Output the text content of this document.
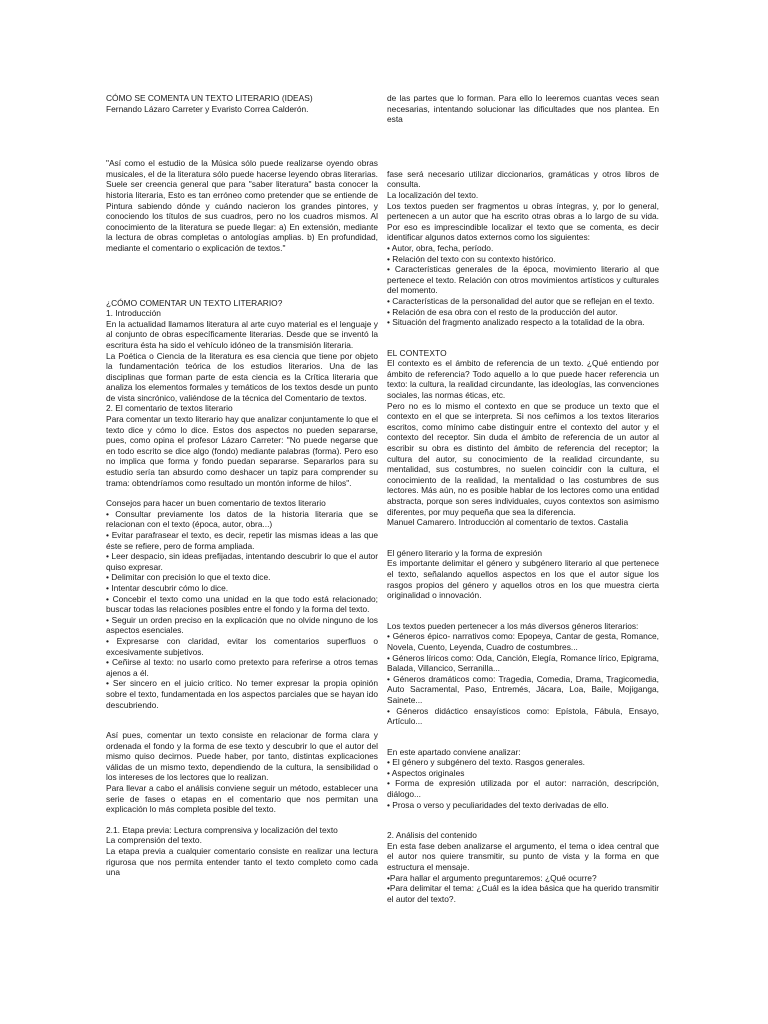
CÓMO SE COMENTA UN TEXTO LITERARIO (IDEAS)

Fernando Lázaro Carreter y Evaristo Correa Calderón.

"Así como el estudio de la Música sólo puede realizarse oyendo obras musicales, el de la literatura sólo puede hacerse leyendo obras literarias. Suele ser creencia general que para "saber literatura" basta conocer la historia literaria, Esto es tan erróneo como pretender que se entiende de Pintura sabiendo dónde y cuándo nacieron los grandes pintores, y conociendo los títulos de sus cuadros, pero no los cuadros mismos. Al conocimiento de la literatura se puede llegar: a) En extensión, mediante la lectura de obras completas o antologías amplias. b) En profundidad, mediante el comentario o explicación de textos."

¿CÓMO COMENTAR UN TEXTO LITERARIO?

1. Introducción

En la actualidad llamamos literatura al arte cuyo material es el lenguaje y al conjunto de obras específicamente literarias. Desde que se inventó la escritura ésta ha sido el vehículo idóneo de la transmisión literaria.

La Poética o Ciencia de la literatura es esa ciencia que tiene por objeto la fundamentación teórica de los estudios literarios. Una de las disciplinas que forman parte de esta ciencia es la Crítica literaria que analiza los elementos formales y temáticos de los textos desde un punto de vista sincrónico, valiéndose de la técnica del Comentario de textos.

2. El comentario de textos literario

Para comentar un texto literario hay que analizar conjuntamente lo que el texto dice y cómo lo dice. Estos dos aspectos no pueden separarse, pues, como opina el profesor Lázaro Carreter: "No puede negarse que en todo escrito se dice algo (fondo) mediante palabras (forma). Pero eso no implica que forma y fondo puedan separarse. Separarlos para su estudio sería tan absurdo como deshacer un tapiz para comprender su trama: obtendríamos como resultado un montón informe de hilos".

Consejos para hacer un buen comentario de textos literario

• Consultar previamente los datos de la historia literaria que se relacionan con el texto (época, autor, obra...)

• Evitar parafrasear el texto, es decir, repetir las mismas ideas a las que éste se refiere, pero de forma ampliada.

• Leer despacio, sin ideas prefijadas, intentando descubrir lo que el autor quiso expresar.

• Delimitar con precisión lo que el texto dice.

• Intentar descubrir cómo lo dice.

• Concebir el texto como una unidad en la que todo está relacionado; buscar todas las relaciones posibles entre el fondo y la forma del texto.

• Seguir un orden preciso en la explicación que no olvide ninguno de los aspectos esenciales.

• Expresarse con claridad, evitar los comentarios superfluos o excesivamente subjetivos.

• Ceñirse al texto: no usarlo como pretexto para referirse a otros temas ajenos a él.

• Ser sincero en el juicio crítico. No temer expresar la propia opinión sobre el texto, fundamentada en los aspectos parciales que se hayan ido descubriendo.

Así pues, comentar un texto consiste en relacionar de forma clara y ordenada el fondo y la forma de ese texto y descubrir lo que el autor del mismo quiso decirnos. Puede haber, por tanto, distintas explicaciones válidas de un mismo texto, dependiendo de la cultura, la sensibilidad o los intereses de los lectores que lo realizan.

Para llevar a cabo el análisis conviene seguir un método, establecer una serie de fases o etapas en el comentario que nos permitan una explicación lo más completa posible del texto.

2.1. Etapa previa: Lectura comprensiva y localización del texto

La comprensión del texto.

La etapa previa a cualquier comentario consiste en realizar una lectura rigurosa que nos permita entender tanto el texto completo como cada una

de las partes que lo forman. Para ello lo leeremos cuantas veces sean necesarias, intentando solucionar las dificultades que nos plantea. En esta

fase será necesario utilizar diccionarios, gramáticas y otros libros de consulta.

La localización del texto.

Los textos pueden ser fragmentos u obras íntegras, y, por lo general, pertenecen a un autor que ha escrito otras obras a lo largo de su vida. Por eso es imprescindible localizar el texto que se comenta, es decir identificar algunos datos externos como los siguientes:

• Autor, obra, fecha, período.

• Relación del texto con su contexto histórico.

• Características generales de la época, movimiento literario al que pertenece el texto. Relación con otros movimientos artísticos y culturales del momento.

• Características de la personalidad del autor que se reflejan en el texto.

• Relación de esa obra con el resto de la producción del autor.

• Situación del fragmento analizado respecto a la totalidad de la obra.

EL CONTEXTO

El contexto es el ámbito de referencia de un texto. ¿Qué entiendo por ámbito de referencia? Todo aquello a lo que puede hacer referencia un texto: la cultura, la realidad circundante, las ideologías, las convenciones sociales, las normas éticas, etc.

Pero no es lo mismo el contexto en que se produce un texto que el contexto en el que se interpreta. Si nos ceñimos a los textos literarios escritos, como mínimo cabe distinguir entre el contexto del autor y el contexto del receptor. Sin duda el ámbito de referencia de un autor al escribir su obra es distinto del ámbito de referencia del receptor; la cultura del autor, su conocimiento de la realidad circundante, su mentalidad, sus costumbres, no suelen coincidir con la cultura, el conocimiento de la realidad, la mentalidad o las costumbres de sus lectores. Más aún, no es posible hablar de los lectores como una entidad abstracta, porque son seres individuales, cuyos contextos son asimismo diferentes, por muy pequeña que sea la diferencia.

Manuel Camarero. Introducción al comentario de textos. Castalia

El género literario y la forma de expresión

Es importante delimitar el género y subgénero literario al que pertenece el texto, señalando aquellos aspectos en los que el autor sigue los rasgos propios del género y aquellos otros en los que muestra cierta originalidad o innovación.

Los textos pueden pertenecer a los más diversos géneros literarios:

• Géneros épico- narrativos como: Epopeya, Cantar de gesta, Romance, Novela, Cuento, Leyenda, Cuadro de costumbres...

• Géneros líricos como: Oda, Canción, Elegía, Romance lírico, Epigrama, Balada, Villancico, Serranilla...

• Géneros dramáticos como: Tragedia, Comedia, Drama, Tragicomedia, Auto Sacramental, Paso, Entremés, Jácara, Loa, Baile, Mojiganga, Sainete...

• Géneros didáctico ensayísticos como: Epístola, Fábula, Ensayo, Artículo...

En este apartado conviene analizar:

• El género y subgénero del texto. Rasgos generales.

• Aspectos originales

• Forma de expresión utilizada por el autor: narración, descripción, diálogo...

• Prosa o verso y peculiaridades del texto derivadas de ello.

2. Análisis del contenido

En esta fase deben analizarse el argumento, el tema o idea central que el autor nos quiere transmitir, su punto de vista y la forma en que estructura el mensaje.

•Para hallar el argumento preguntaremos: ¿Qué ocurre?

•Para delimitar el tema: ¿Cuál es la idea básica que ha querido transmitir el autor del texto?.
